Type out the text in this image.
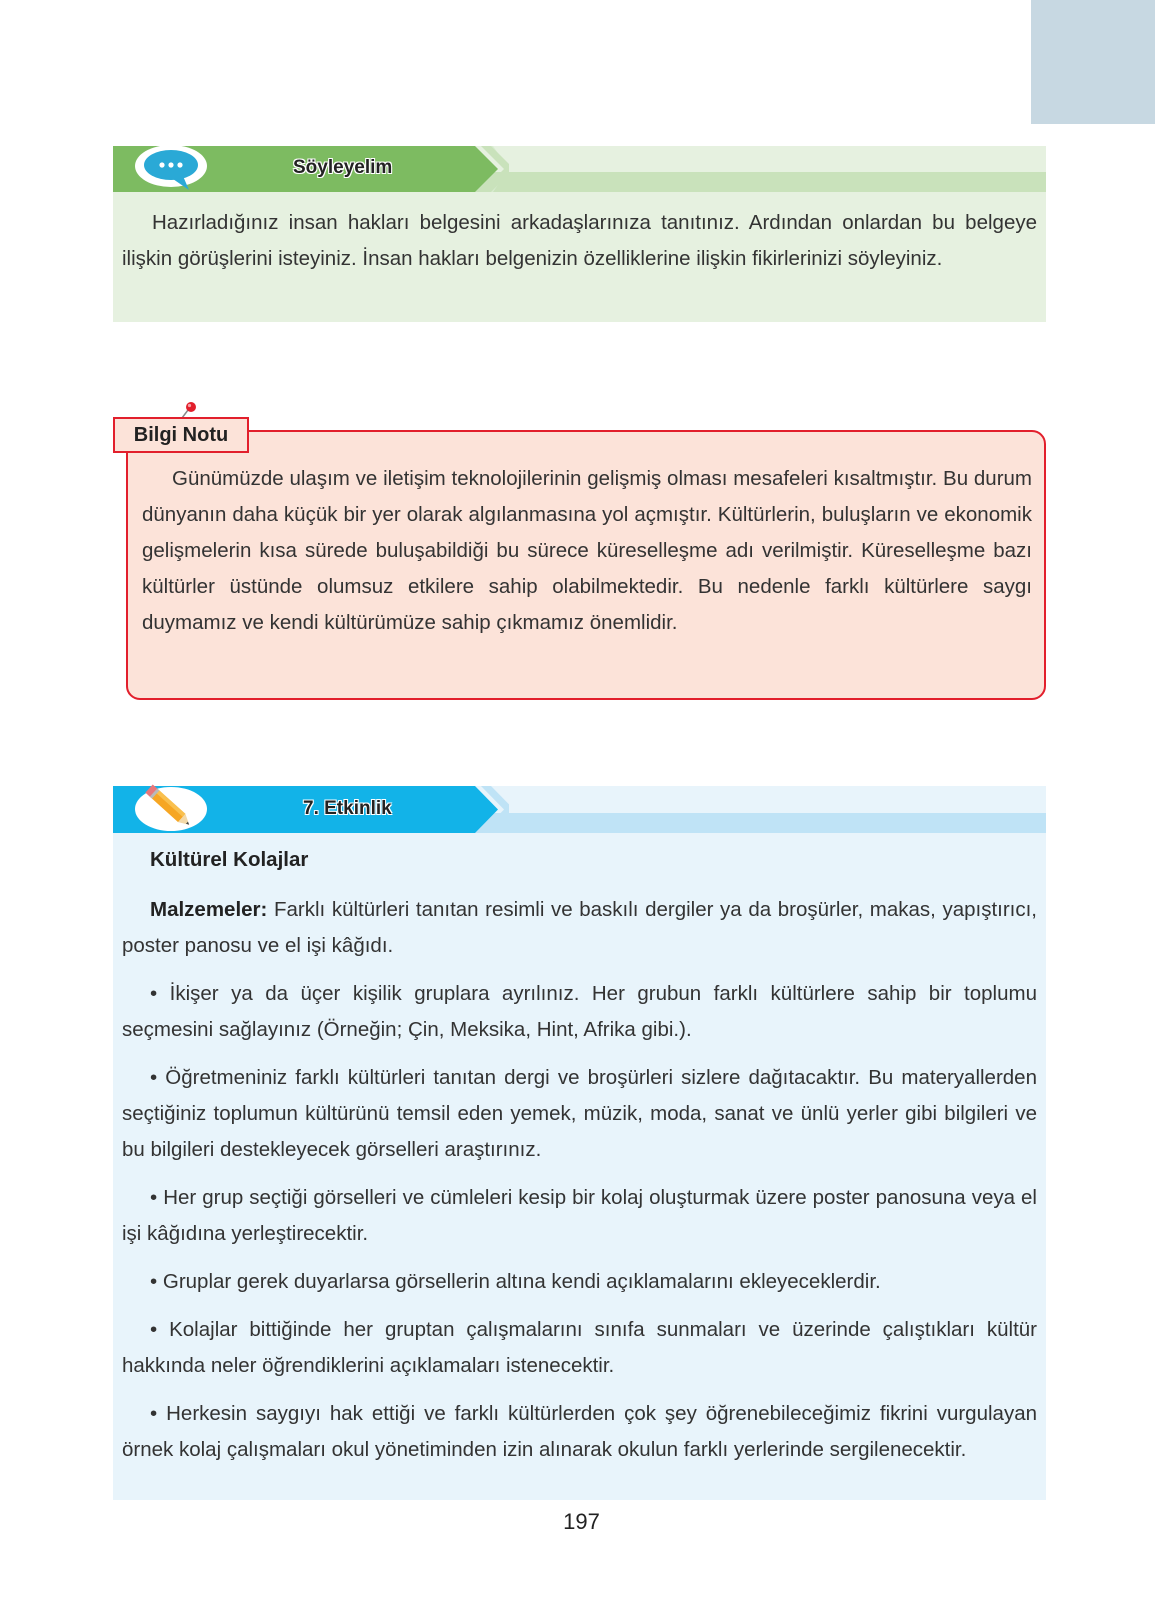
Söyleyelim
Hazırladığınız insan hakları belgesini arkadaşlarınıza tanıtınız. Ardından onlardan bu belgeye ilişkin görüşlerini isteyiniz. İnsan hakları belgenizin özelliklerine ilişkin fikirlerinizi söyleyiniz.
Bilgi Notu
Günümüzde ulaşım ve iletişim teknolojilerinin gelişmiş olması mesafeleri kısaltmıştır. Bu durum dünyanın daha küçük bir yer olarak algılanmasına yol açmıştır. Kültürlerin, buluşların ve ekonomik gelişmelerin kısa sürede buluşabildiği bu sürece küreselleşme adı verilmiştir. Küreselleşme bazı kültürler üstünde olumsuz etkilere sahip olabilmektedir. Bu nedenle farklı kültürlere saygı duymamız ve kendi kültürümüze sahip çıkmamız önemlidir.
7. Etkinlik
Kültürel Kolajlar

Malzemeler: Farklı kültürleri tanıtan resimli ve baskılı dergiler ya da broşürler, makas, yapıştırıcı, poster panosu ve el işi kâğıdı.

• İkişer ya da üçer kişilik gruplara ayrılınız. Her grubun farklı kültürlere sahip bir toplumu seçmesini sağlayınız (Örneğin; Çin, Meksika, Hint, Afrika gibi.).

• Öğretmeniniz farklı kültürleri tanıtan dergi ve broşürleri sizlere dağıtacaktır. Bu materyallerden seçtiğiniz toplumun kültürünü temsil eden yemek, müzik, moda, sanat ve ünlü yerler gibi bilgileri ve bu bilgileri destekleyecek görselleri araştırınız.

• Her grup seçtiği görselleri ve cümleleri kesip bir kolaj oluşturmak üzere poster panosuna veya el işi kâğıdına yerleştirecektir.

• Gruplar gerek duyarlarsa görsellerin altına kendi açıklamalarını ekleyeceklerdir.

• Kolajlar bittiğinde her gruptan çalışmalarını sınıfa sunmaları ve üzerinde çalıştıkları kültür hakkında neler öğrendiklerini açıklamaları istenecektir.

• Herkesin saygıyı hak ettiği ve farklı kültürlerden çok şey öğrenebileceğimiz fikrini vurgulayan örnek kolaj çalışmaları okul yönetiminden izin alınarak okulun farklı yerlerinde sergilenecektir.

197
